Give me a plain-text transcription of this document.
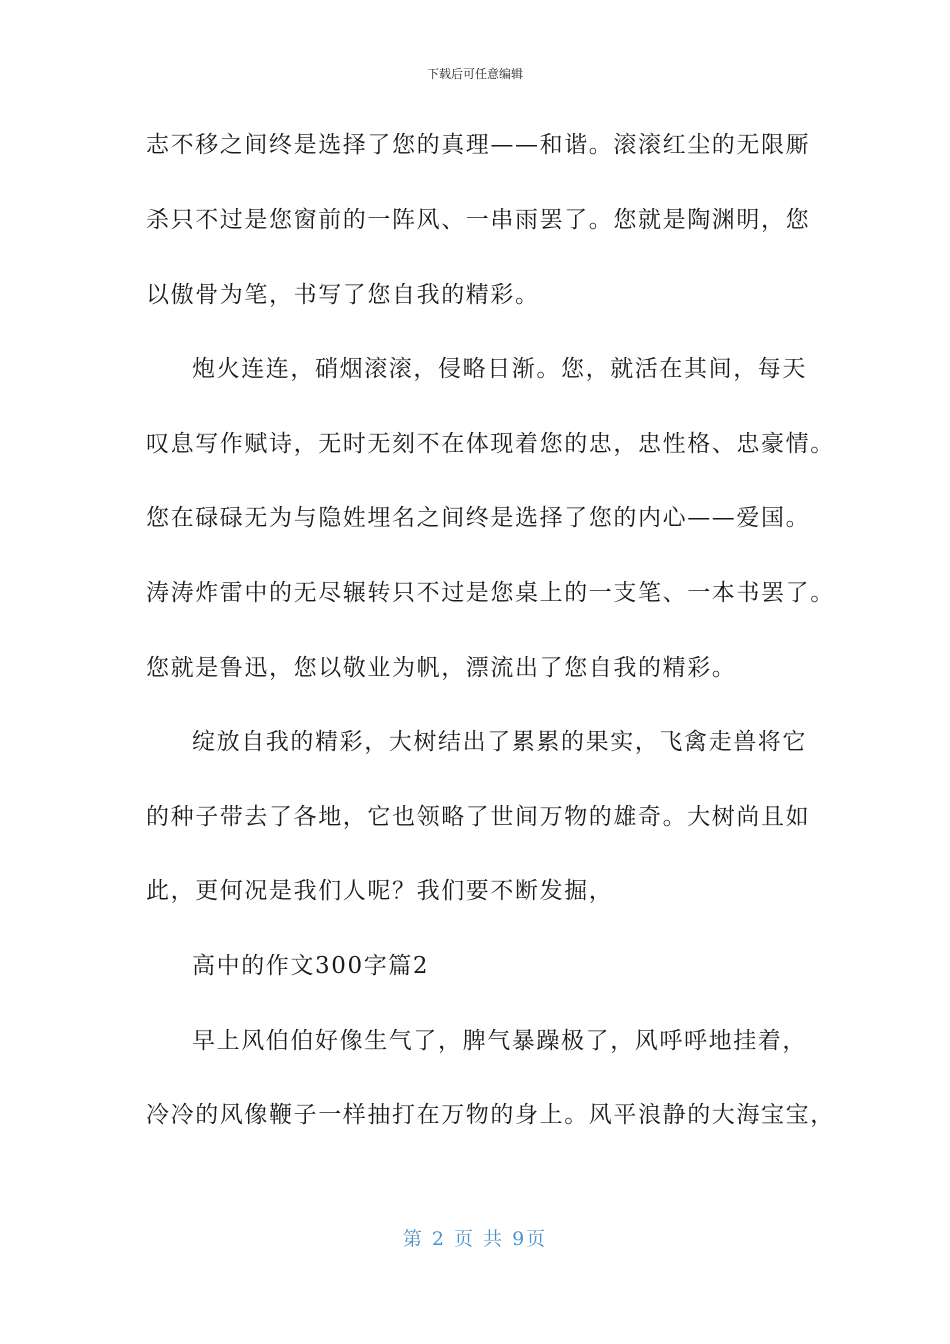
下载后可任意编辑
志不移之间终是选择了您的真理——和谐。滚滚红尘的无限厮
杀只不过是您窗前的一阵风、一串雨罢了。您就是陶渊明，您
以傲骨为笔，书写了您自我的精彩。
炮火连连，硝烟滚滚，侵略日渐。您，就活在其间，每天
叹息写作赋诗，无时无刻不在体现着您的忠，忠性格、忠豪情。
您在碌碌无为与隐姓埋名之间终是选择了您的内心——爱国。
涛涛炸雷中的无尽辗转只不过是您桌上的一支笔、一本书罢了。
您就是鲁迅，您以敬业为帆，漂流出了您自我的精彩。
绽放自我的精彩，大树结出了累累的果实，飞禽走兽将它
的种子带去了各地，它也领略了世间万物的雄奇。大树尚且如
此，更何况是我们人呢？我们要不断发掘，
高中的作文300字篇2
早上风伯伯好像生气了，脾气暴躁极了，风呼呼地挂着，
冷冷的风像鞭子一样抽打在万物的身上。风平浪静的大海宝宝，
第 2 页 共 9页
